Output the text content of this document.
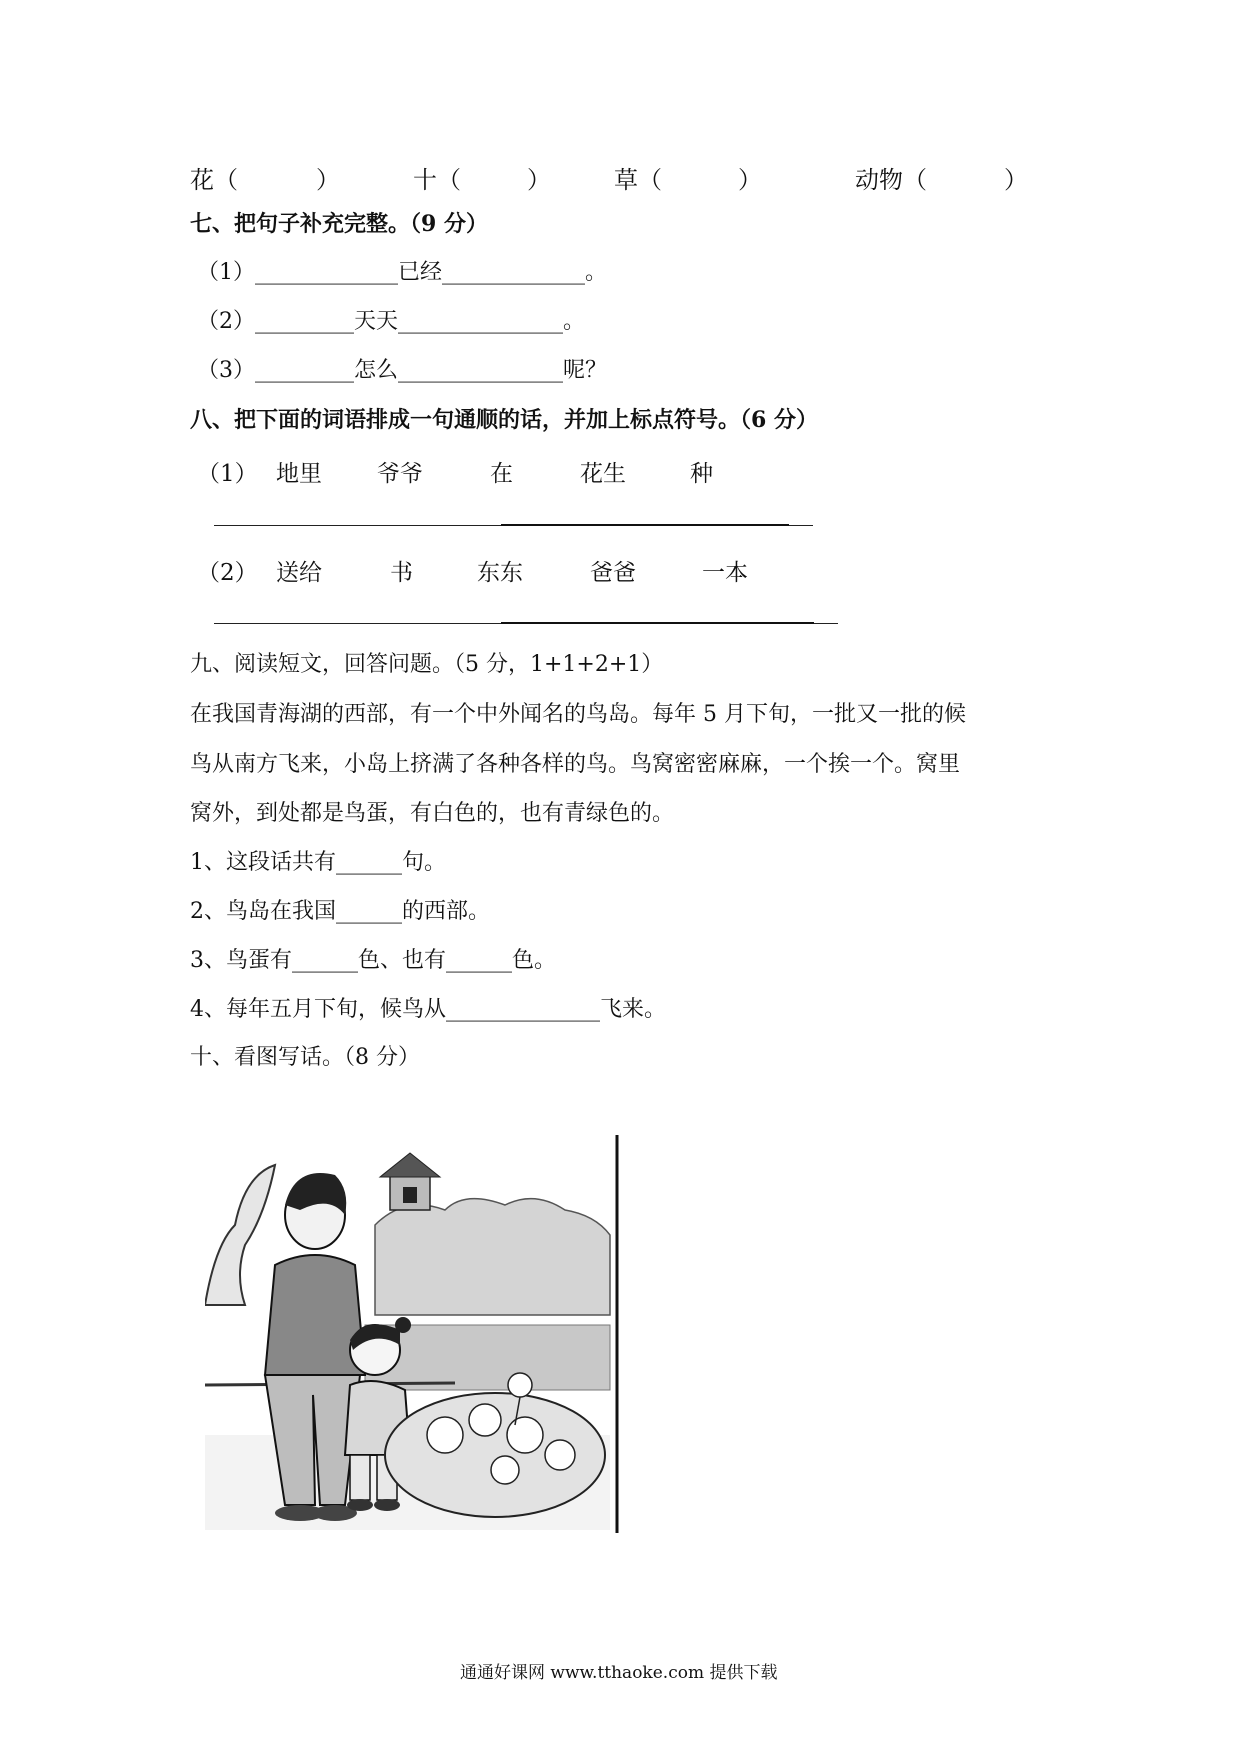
花（	）	十（	）	草（	）	动物（	）
七、把句子补充完整。（9 分）
（1）_____________已经_____________。
（2）_________天天_______________。
（3）_________怎么_______________呢？
八、把下面的词语排成一句通顺的话，并加上标点符号。（6 分）
（1） 地里 爷爷	在	花生	种
（2） 送给	书	东东	爸爸	一本
九、阅读短文，回答问题。（5 分，1+1+2+1）
在我国青海湖的西部，有一个中外闻名的鸟岛。每年 5 月下旬，一批又一批的候
鸟从南方飞来，小岛上挤满了各种各样的鸟。鸟窝密密麻麻，一个挨一个。窝里
窝外，到处都是鸟蛋，有白色的，也有青绿色的。
1、这段话共有______句。
2、鸟岛在我国______的西部。
3、鸟蛋有______色、也有______色。
4、每年五月下旬，候鸟从______________飞来。
十、看图写话。（8 分）
通通好课网 www.tthaoke.com 提供下载
